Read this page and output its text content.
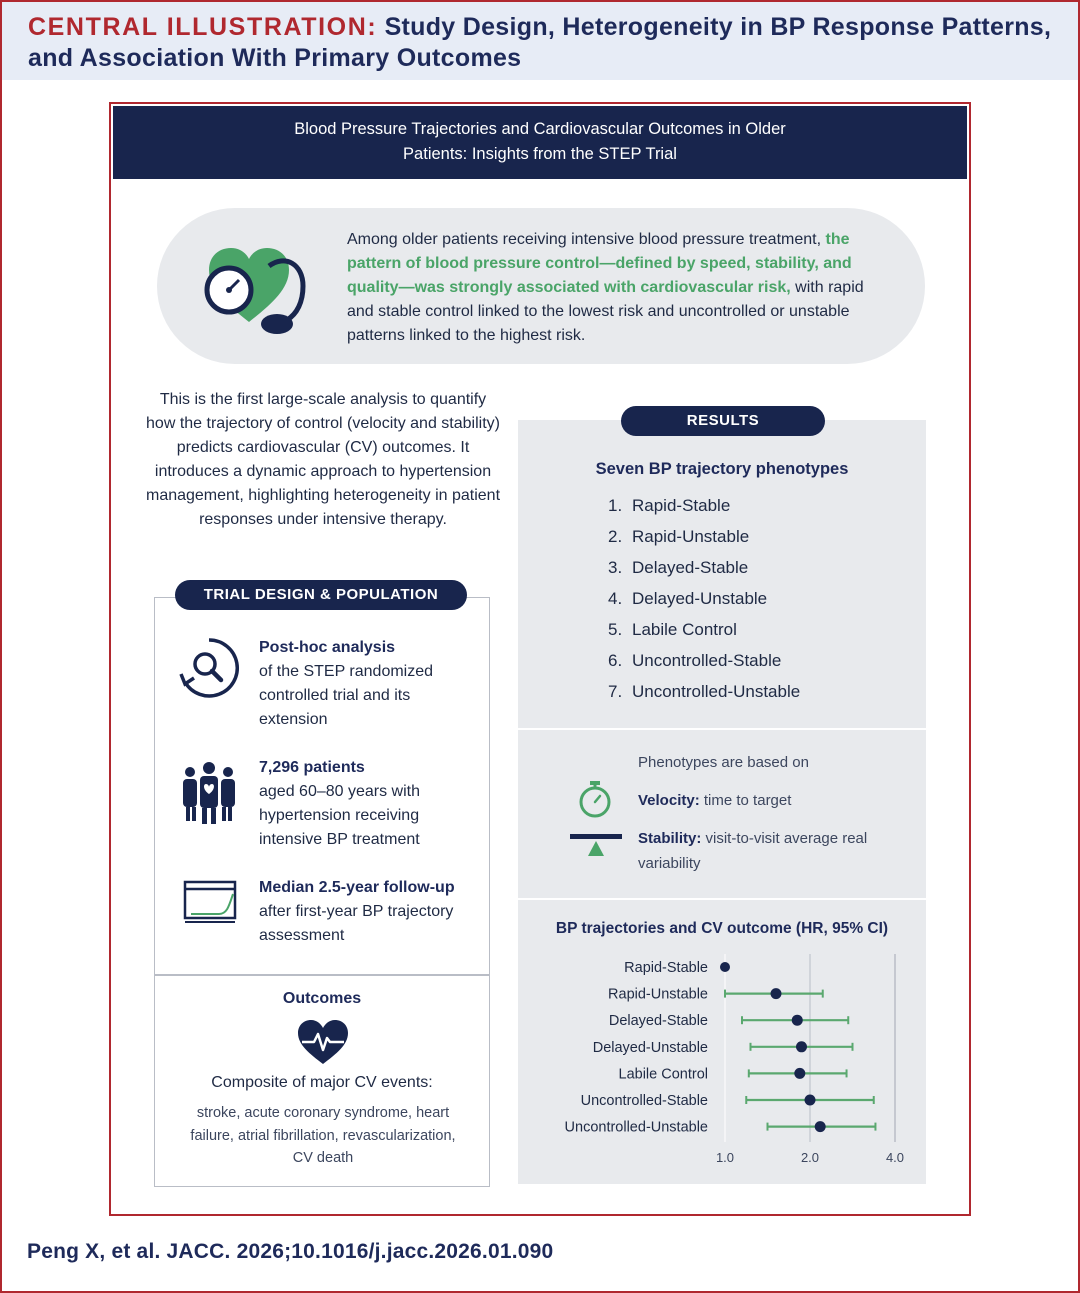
CENTRAL ILLUSTRATION: Study Design, Heterogeneity in BP Response Patterns, and Association With Primary Outcomes
Blood Pressure Trajectories and Cardiovascular Outcomes in Older
Patients: Insights from the STEP Trial
Among older patients receiving intensive blood pressure treatment, the pattern of blood pressure control—defined by speed, stability, and quality—was strongly associated with cardiovascular risk, with rapid and stable control linked to the lowest risk and uncontrolled or unstable patterns linked to the highest risk.
This is the first large-scale analysis to quantify how the trajectory of control (velocity and stability) predicts cardiovascular (CV) outcomes. It introduces a dynamic approach to hypertension management, highlighting heterogeneity in patient responses under intensive therapy.
Post-hoc analysis
of the STEP randomized controlled trial and its extension
7,296 patients
aged 60–80 years with hypertension receiving intensive BP treatment
Median 2.5-year follow-up
after first-year BP trajectory assessment
Outcomes
Composite of major CV events:
stroke, acute coronary syndrome, heart failure, atrial fibrillation, revascularization, CV death
TRIAL DESIGN & POPULATION
Seven BP trajectory phenotypes
1. Rapid-Stable
2. Rapid-Unstable
3. Delayed-Stable
4. Delayed-Unstable
5. Labile Control
6. Uncontrolled-Stable
7. Uncontrolled-Unstable
Phenotypes are based on
Velocity: time to target
Stability: visit-to-visit average real variability
BP trajectories and CV outcome (HR, 95% CI)
1.0	2.0	4.0
Rapid-Stable
Rapid-Unstable
Delayed-Stable
Delayed-Unstable
Labile Control
Uncontrolled-Stable
Uncontrolled-Unstable
RESULTS
Peng X, et al. JACC. 2026;10.1016/j.jacc.2026.01.090
